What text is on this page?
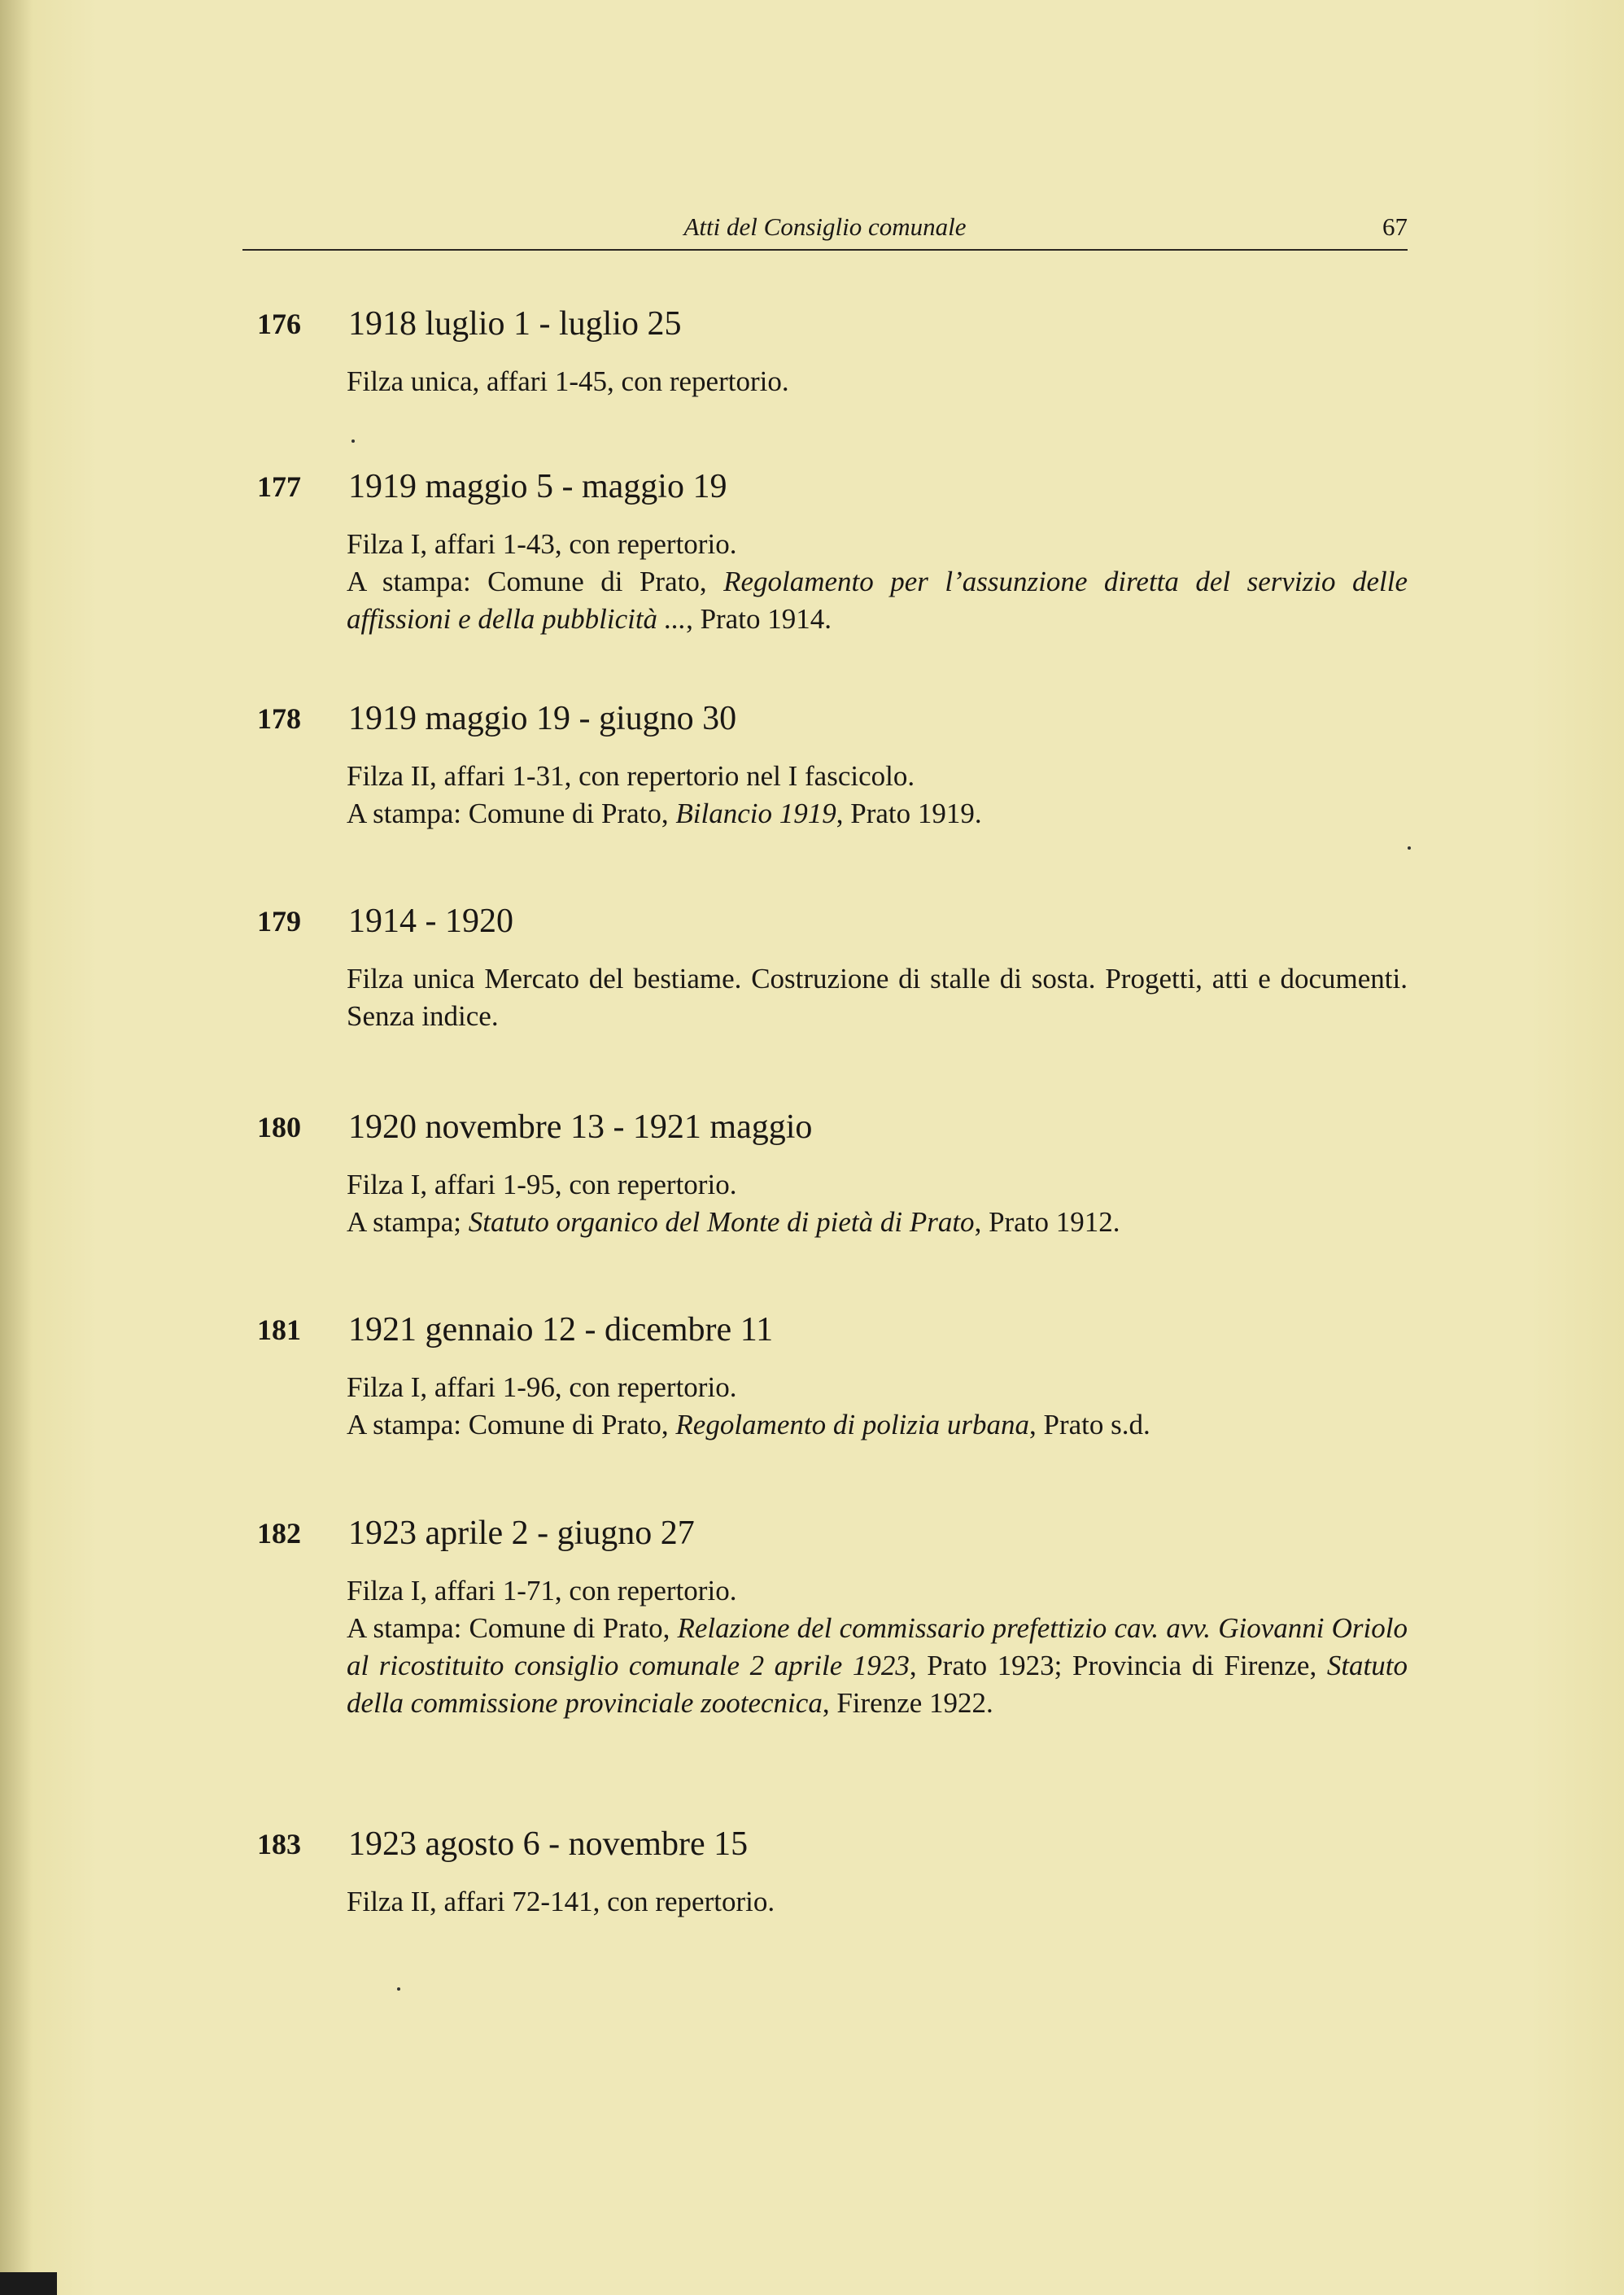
Atti del Consiglio comunale	67
176 1918 luglio 1 - luglio 25

Filza unica, affari 1-45, con repertorio.

177 1919 maggio 5 - maggio 19

Filza I, affari 1-43, con repertorio.

A stampa: Comune di Prato, Regolamento per l’assunzione diretta del servizio delle affissioni e della pubblicità ..., Prato 1914.

178 1919 maggio 19 - giugno 30

Filza II, affari 1-31, con repertorio nel I fascicolo.

A stampa: Comune di Prato, Bilancio 1919, Prato 1919.

179 1914 - 1920

Filza unica Mercato del bestiame. Costruzione di stalle di sosta. Progetti, atti e documenti. Senza indice.

180 1920 novembre 13 - 1921 maggio

Filza I, affari 1-95, con repertorio.

A stampa; Statuto organico del Monte di pietà di Prato, Prato 1912.

181 1921 gennaio 12 - dicembre 11

Filza I, affari 1-96, con repertorio.

A stampa: Comune di Prato, Regolamento di polizia urbana, Prato s.d.

182 1923 aprile 2 - giugno 27

Filza I, affari 1-71, con repertorio.

A stampa: Comune di Prato, Relazione del commissario prefettizio cav. avv. Giovanni Oriolo al ricostituito consiglio comunale 2 aprile 1923, Prato 1923; Provincia di Firenze, Statuto della commissione provinciale zootecnica, Firenze 1922.

183 1923 agosto 6 - novembre 15

Filza II, affari 72-141, con repertorio.
